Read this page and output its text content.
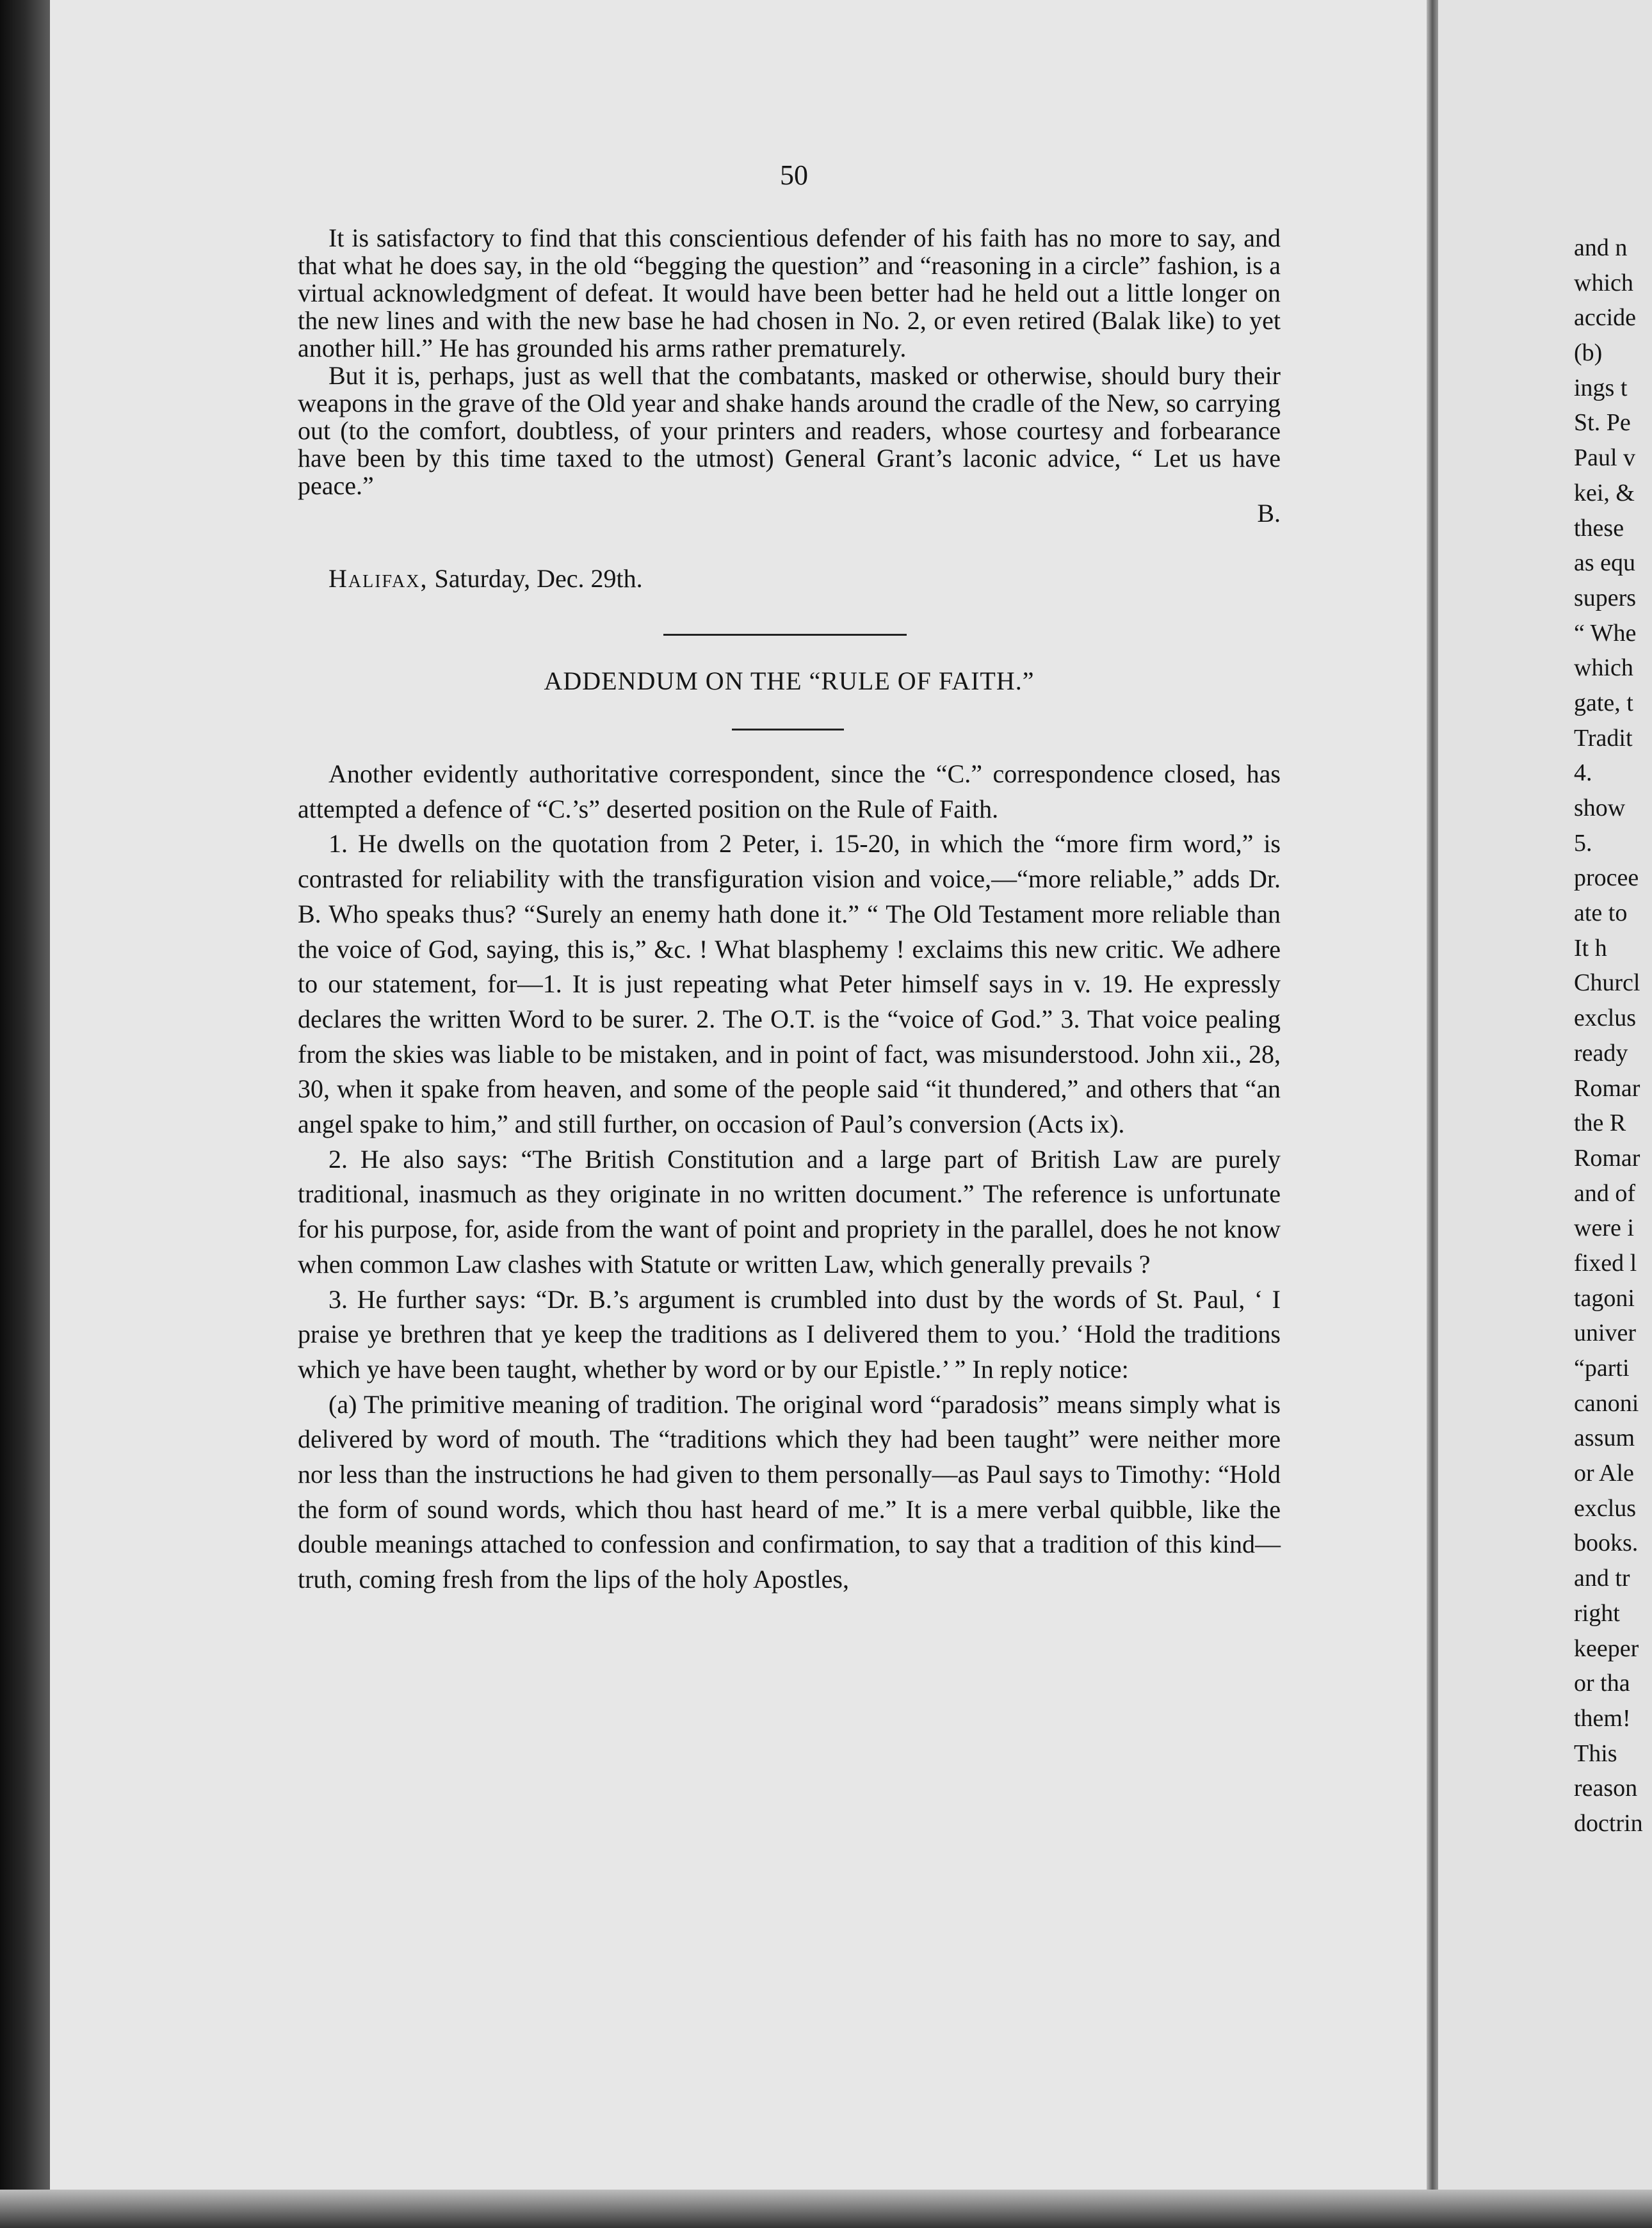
50

It is satisfactory to find that this conscientious defender of his faith has no more to say, and that what he does say, in the old “begging the question” and “reasoning in a circle” fashion, is a virtual acknowledgment of defeat. It would have been better had he held out a little longer on the new lines and with the new base he had chosen in No. 2, or even retired (Balak like) to yet another hill.” He has grounded his arms rather prematurely.

But it is, perhaps, just as well that the combatants, masked or otherwise, should bury their weapons in the grave of the Old year and shake hands around the cradle of the New, so carrying out (to the comfort, doubtless, of your printers and readers, whose courtesy and forbearance have been by this time taxed to the utmost) General Grant’s laconic advice, “ Let us have peace.”

B.

Halifax, Saturday, Dec. 29th.
ADDENDUM ON THE “RULE OF FAITH.”

Another evidently authoritative correspondent, since the “C.” correspondence closed, has attempted a defence of “C.’s” deserted position on the Rule of Faith.

1. He dwells on the quotation from 2 Peter, i. 15-20, in which the “more firm word,” is contrasted for reliability with the transfiguration vision and voice,—“more reliable,” adds Dr. B. Who speaks thus? “Surely an enemy hath done it.” “ The Old Testament more reliable than the voice of God, saying, this is,” &c. ! What blasphemy ! exclaims this new critic. We adhere to our statement, for—1. It is just repeating what Peter himself says in v. 19. He expressly declares the written Word to be surer. 2. The O.T. is the “voice of God.” 3. That voice pealing from the skies was liable to be mistaken, and in point of fact, was misunderstood. John xii., 28, 30, when it spake from heaven, and some of the people said “it thundered,” and others that “an angel spake to him,” and still further, on occasion of Paul’s conversion (Acts ix).

2. He also says: “The British Constitution and a large part of British Law are purely traditional, inasmuch as they originate in no written document.” The reference is unfortunate for his purpose, for, aside from the want of point and propriety in the parallel, does he not know when common Law clashes with Statute or written Law, which generally prevails ?

3. He further says: “Dr. B.’s argument is crumbled into dust by the words of St. Paul, ‘ I praise ye brethren that ye keep the traditions as I delivered them to you.’ ‘Hold the traditions which ye have been taught, whether by word or by our Epistle.’ ” In reply notice:

(a) The primitive meaning of tradition. The original word “paradosis” means simply what is delivered by word of mouth. The “traditions which they had been taught” were neither more nor less than the instructions he had given to them personally—as Paul says to Timothy: “Hold the form of sound words, which thou hast heard of me.” It is a mere verbal quibble, like the double meanings attached to confession and confirmation, to say that a tradition of this kind—truth, coming fresh from the lips of the holy Apostles,

and n
which
accide
(b)
ings t
St. Pe
Paul v
kei, &
these
as equ
supers
“ Whe
which
gate, t
Tradit
4.
show
5.
procee
ate to
It h
Churcl
exclus
ready
Romar
the R
Romar
and of
were i
fixed l
tagoni
univer
“parti
canoni
assum
or Ale
exclus
books.
and tr
right
keeper
or tha
them!
This
reason
doctrin
